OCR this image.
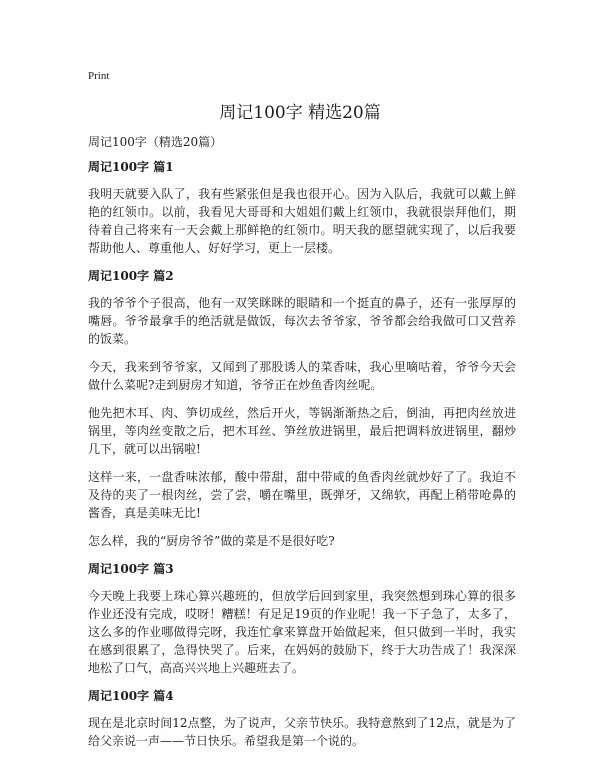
Print
周记100字 精选20篇

周记100字（精选20篇）

周记100字 篇1

我明天就要入队了，我有些紧张但是我也很开心。因为入队后，我就可以戴上鲜艳的红领巾。以前，我看见大哥哥和大姐姐们戴上红领巾，我就很崇拜他们，期待着自己将来有一天会戴上那鲜艳的红领巾。明天我的愿望就实现了，以后我要帮助他人、尊重他人、好好学习，更上一层楼。

周记100字 篇2

我的爷爷个子很高，他有一双笑眯眯的眼睛和一个挺直的鼻子，还有一张厚厚的嘴唇。爷爷最拿手的绝活就是做饭，每次去爷爷家，爷爷都会给我做可口又营养的饭菜。

今天，我来到爷爷家，又闻到了那股诱人的菜香味，我心里嘀咕着，爷爷今天会做什么菜呢?走到厨房才知道，爷爷正在炒鱼香肉丝呢。

他先把木耳、肉、笋切成丝，然后开火，等锅渐渐热之后，倒油，再把肉丝放进锅里，等肉丝变散之后，把木耳丝、笋丝放进锅里，最后把调料放进锅里，翻炒几下，就可以出锅啦!

这样一来，一盘香味浓郁，酸中带甜，甜中带咸的鱼香肉丝就炒好了了。我迫不及待的夹了一根肉丝，尝了尝，嚼在嘴里，既弹牙，又绵软，再配上稍带呛鼻的酱香，真是美味无比!

怎么样，我的“厨房爷爷”做的菜是不是很好吃?

周记100字 篇3

今天晚上我要上珠心算兴趣班的，但放学后回到家里，我突然想到珠心算的很多作业还没有完成，哎呀！糟糕！有足足19页的作业呢！我一下子急了，太多了，这么多的作业哪做得完呀，我连忙拿来算盘开始做起来，但只做到一半时，我实在感到很累了，急得快哭了。后来，在妈妈的鼓励下，终于大功告成了！我深深地松了口气，高高兴兴地上兴趣班去了。

周记100字 篇4

现在是北京时间12点整，为了说声，父亲节快乐。我特意熬到了12点，就是为了给父亲说一声——节日快乐。希望我是第一个说的。
